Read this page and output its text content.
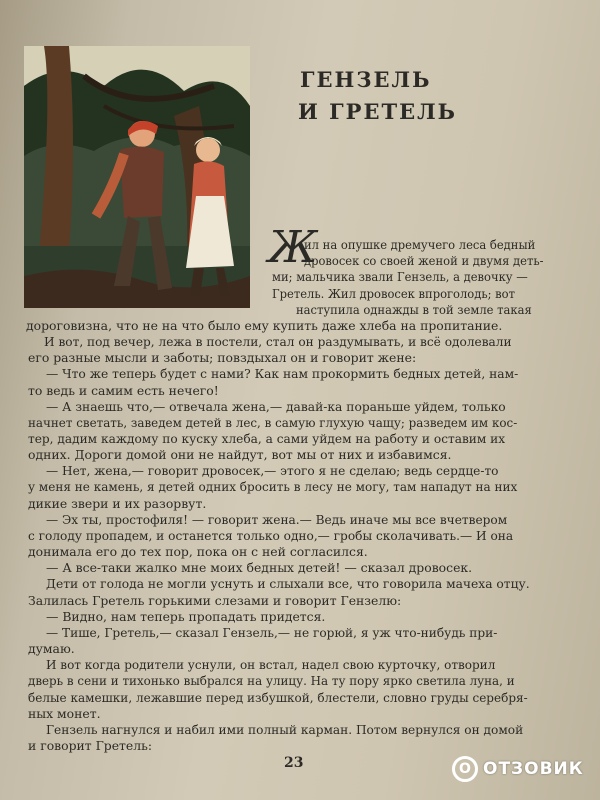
ГЕНЗЕЛЬ
И ГРЕТЕЛЬ
Ж
ил на опушке дремучего леса бедный
дровосек со своей женой и двумя деть-
ми; мальчика звали Гензель, а девочку —
Гретель. Жил дровосек впроголодь; вот
наступила однажды в той земле такая
дороговизна, что не на что было ему купить даже хлеба на пропитание.
И вот, под вечер, лежа в постели, стал он раздумывать, и всё одолевали
его разные мысли и заботы; повздыхал он и говорит жене:
— Что же теперь будет с нами? Как нам прокормить бедных детей, нам-
то ведь и самим есть нечего!
— А знаешь что,— отвечала жена,— давай-ка пораньше уйдем, только
начнет светать, заведем детей в лес, в самую глухую чащу; разведем им кос-
тер, дадим каждому по куску хлеба, а сами уйдем на работу и оставим их
одних. Дороги домой они не найдут, вот мы от них и избавимся.
— Нет, жена,— говорит дровосек,— этого я не сделаю; ведь сердце-то
у меня не камень, я детей одних бросить в лесу не могу, там нападут на них
дикие звери и их разорвут.
— Эх ты, простофиля! — говорит жена.— Ведь иначе мы все вчетвером
с голоду пропадем, и останется только одно,— гробы сколачивать.— И она
донимала его до тех пор, пока он с ней согласился.
— А все-таки жалко мне моих бедных детей! — сказал дровосек.
Дети от голода не могли уснуть и слыхали все, что говорила мачеха отцу.
Залилась Гретель горькими слезами и говорит Гензелю:
— Видно, нам теперь пропадать придется.
— Тише, Гретель,— сказал Гензель,— не горюй, я уж что-нибудь при-
думаю.
И вот когда родители уснули, он встал, надел свою курточку, отворил
дверь в сени и тихонько выбрался на улицу. На ту пору ярко светила луна, и
белые камешки, лежавшие перед избушкой, блестели, словно груды серебря-
ных монет.
Гензель нагнулся и набил ими полный карман. Потом вернулся он домой
и говорит Гретель:
23	O ОТЗОВИК
